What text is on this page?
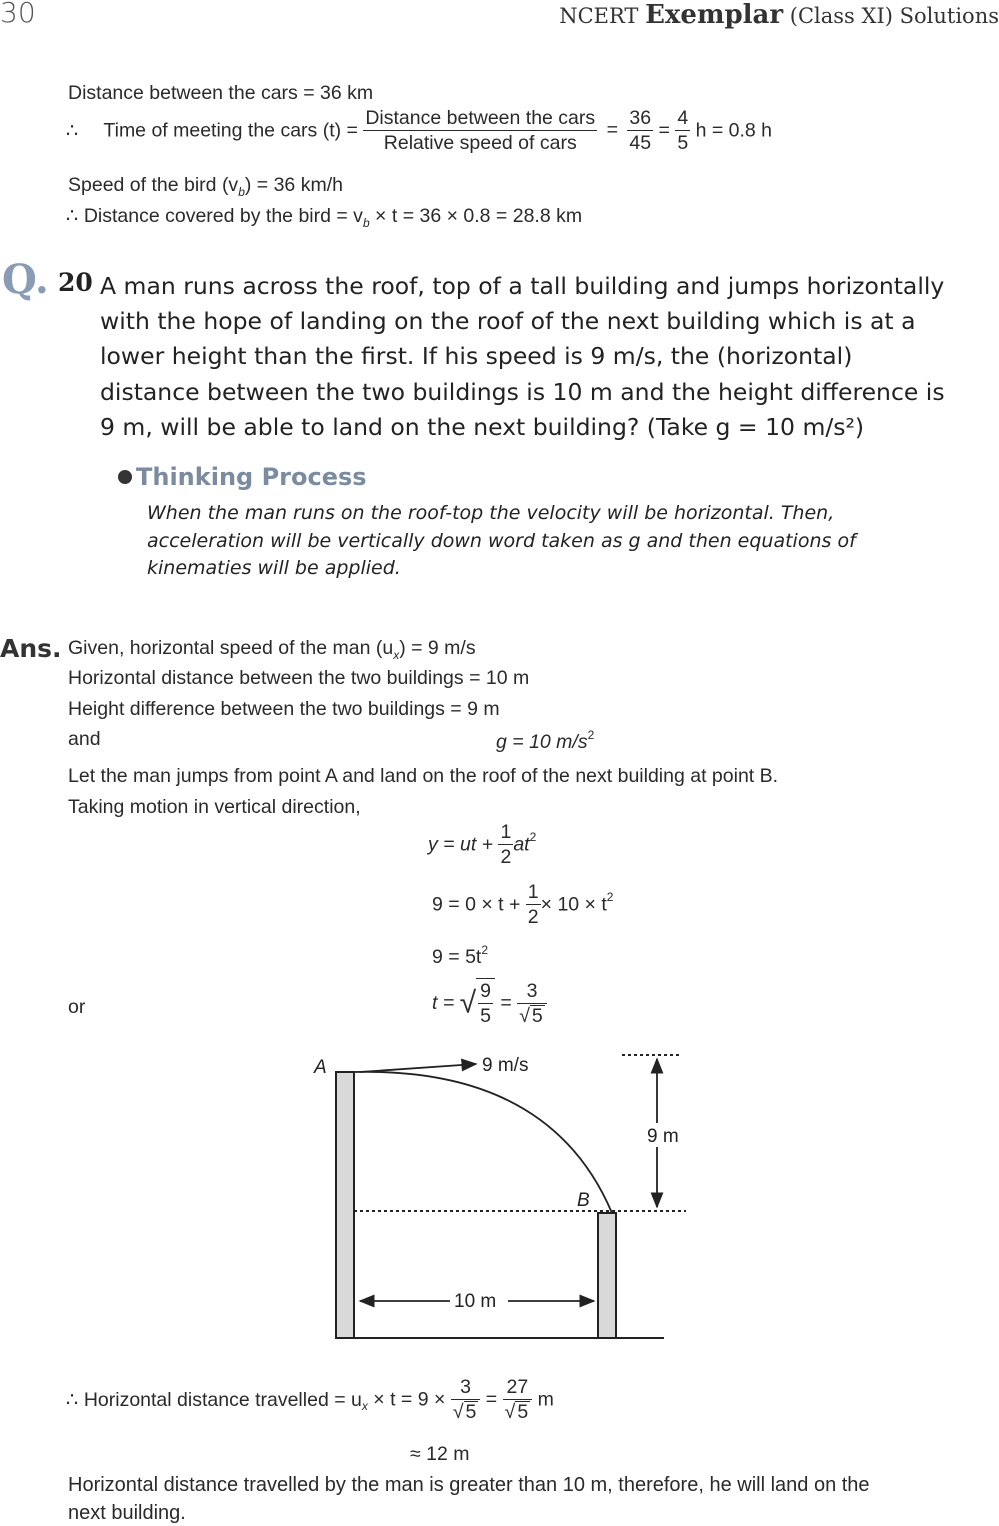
30	NCERT Exemplar (Class XI) Solutions
Distance between the cars = 36 km
∴ Time of meeting the cars $(t) = \frac{\text{Distance between the cars}}{\text{Relative speed of cars}} = \frac{36}{45} = \frac{4}{5}$ h = 0.8 h
Speed of the bird $(v_b) = 36$ km/h
∴ Distance covered by the bird = $v_b \times t = 36 \times 0.8 = 28.8$ km
Q. 20 A man runs across the roof, top of a tall building and jumps horizontally
with the hope of landing on the roof of the next building which is at a
lower height than the first. If his speed is 9 m/s, the (horizontal)
distance between the two buildings is 10 m and the height difference is
9 m, will be able to land on the next building? (Take g = 10 m/s²)
Thinking Process
When the man runs on the roof-top the velocity will be horizontal. Then,
acceleration will be vertically down word taken as g and then equations of
kinematies will be applied.
Ans. Given, horizontal speed of the man $(u_x) = 9$ m/s
Horizontal distance between the two buildings = 10 m
Height difference between the two buildings = 9 m
and	g = 10 $m/s^2$
Let the man jumps from point A and land on the roof of the next building at point B.
Taking motion in vertical direction,
y = ut + $\frac{1}{2} at^2$
$9 = 0 \times t + \frac{1}{2} \times 10 \times t^2$
$9 = 5t^2$
or	t = √ $\frac{9}{5} = \frac{3}{√ 5}$
A
B
9 m/s
9 m
10 m
∴ Horizontal distance travelled = $u_x \times t = 9 \times \frac{3}{√ 5} = \frac{27}{√ 5}$ m
≈ 12 m
Horizontal distance travelled by the man is greater than 10 m, therefore, he will land on the
next building.
